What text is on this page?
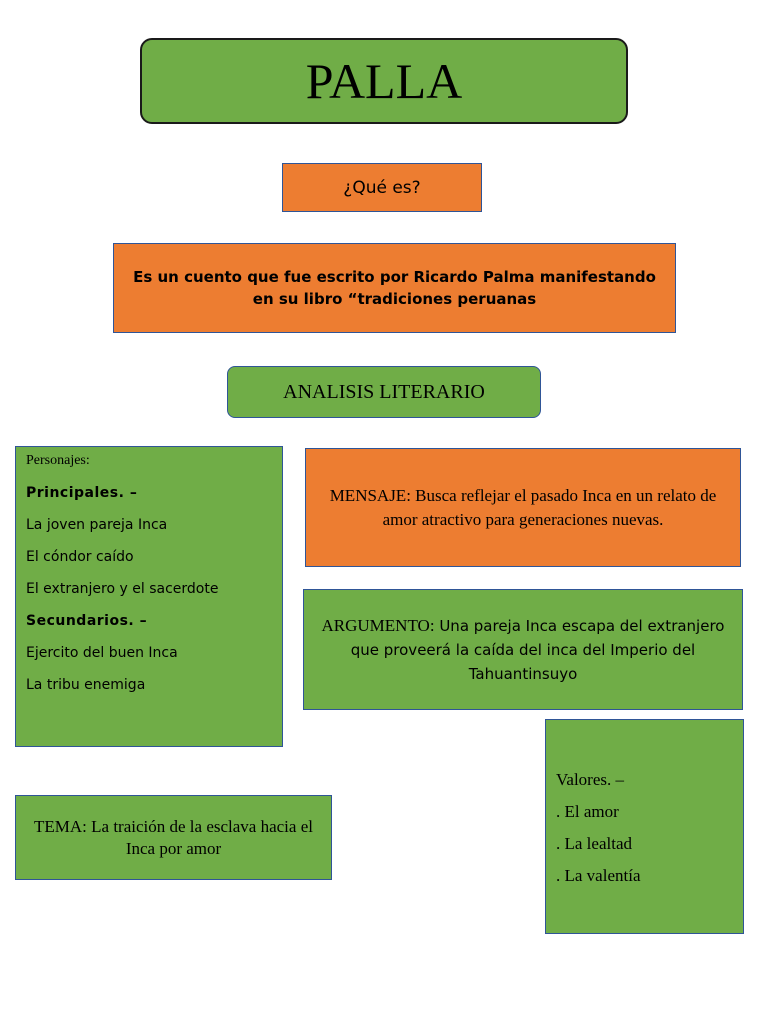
PALLA
¿Qué es?
Es un cuento que fue escrito por Ricardo Palma manifestando en su libro “tradiciones peruanas
ANALISIS LITERARIO
Personajes:
Principales. –
La joven pareja Inca
El cóndor caído
El extranjero y el sacerdote
Secundarios. –
Ejercito del buen Inca
La tribu enemiga
MENSAJE: Busca reflejar el pasado Inca en un relato de amor atractivo para generaciones nuevas.
ARGUMENTO: Una pareja Inca escapa del extranjero que proveerá la caída del inca del Imperio del Tahuantinsuyo
Valores. –
. El amor
. La lealtad
. La valentía
TEMA: La traición de la esclava hacia el Inca por amor
